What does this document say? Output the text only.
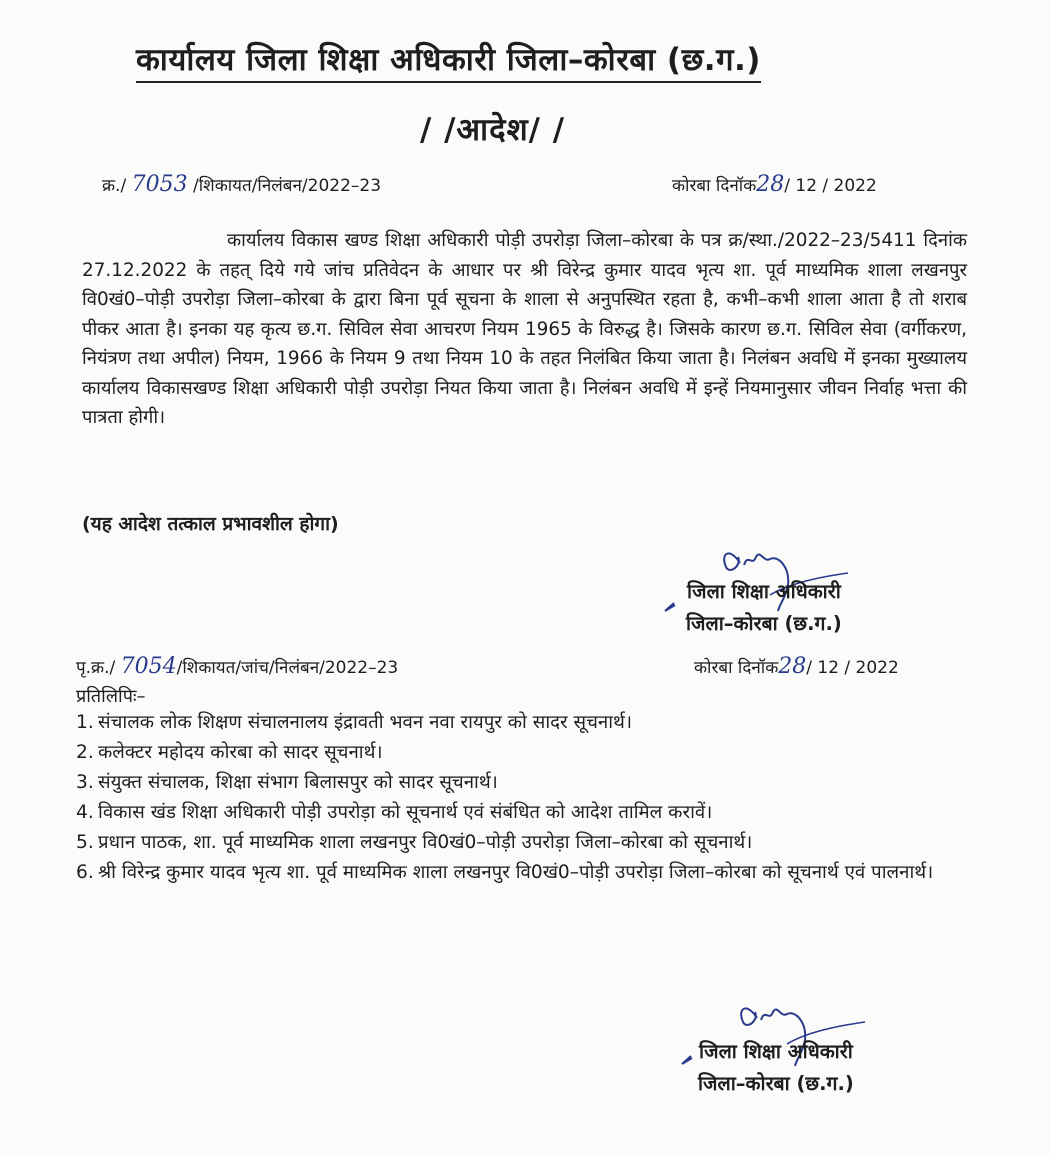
कार्यालय जिला शिक्षा अधिकारी जिला–कोरबा (छ.ग.)
/ /आदेश/ /
क्र./ 7053 /शिकायत/निलंबन/2022–23	कोरबा दिनॉक28/ 12 / 2022
कार्यालय विकास खण्ड शिक्षा अधिकारी पोड़ी उपरोड़ा जिला–कोरबा के पत्र क्र/स्था./2022–23/5411 दिनांक 27.12.2022 के तहत् दिये गये जांच प्रतिवेदन के आधार पर श्री विरेन्द्र कुमार यादव भृत्य शा. पूर्व माध्यमिक शाला लखनपुर वि0खं0–पोड़ी उपरोड़ा जिला–कोरबा के द्वारा बिना पूर्व सूचना के शाला से अनुपस्थित रहता है, कभी–कभी शाला आता है तो शराब पीकर आता है। इनका यह कृत्य छ.ग. सिविल सेवा आचरण नियम 1965 के विरुद्ध है। जिसके कारण छ.ग. सिविल सेवा (वर्गीकरण, नियंत्रण तथा अपील) नियम, 1966 के नियम 9 तथा नियम 10 के तहत निलंबित किया जाता है। निलंबन अवधि में इनका मुख्यालय कार्यालय विकासखण्ड शिक्षा अधिकारी पोड़ी उपरोड़ा नियत किया जाता है। निलंबन अवधि में इन्हें नियमानुसार जीवन निर्वाह भत्ता की पात्रता होगी।
(यह आदेश तत्काल प्रभावशील होगा)
जिला शिक्षा अधिकारी
जिला–कोरबा (छ.ग.)
पृ.क्र./ 7054/शिकायत/जांच/निलंबन/2022–23	कोरबा दिनॉक28/ 12 / 2022
प्रतिलिपिः–
1. संचालक लोक शिक्षण संचालनालय इंद्रावती भवन नवा रायपुर को सादर सूचनार्थ।
2. कलेक्टर महोदय कोरबा को सादर सूचनार्थ।
3. संयुक्त संचालक, शिक्षा संभाग बिलासपुर को सादर सूचनार्थ।
4. विकास खंड शिक्षा अधिकारी पोड़ी उपरोड़ा को सूचनार्थ एवं संबंधित को आदेश तामिल करावें।
5. प्रधान पाठक, शा. पूर्व माध्यमिक शाला लखनपुर वि0खं0–पोड़ी उपरोड़ा जिला–कोरबा को सूचनार्थ।
6. श्री विरेन्द्र कुमार यादव भृत्य शा. पूर्व माध्यमिक शाला लखनपुर वि0खं0–पोड़ी उपरोड़ा जिला–कोरबा को सूचनार्थ एवं पालनार्थ।
जिला शिक्षा अधिकारी
जिला–कोरबा (छ.ग.)
